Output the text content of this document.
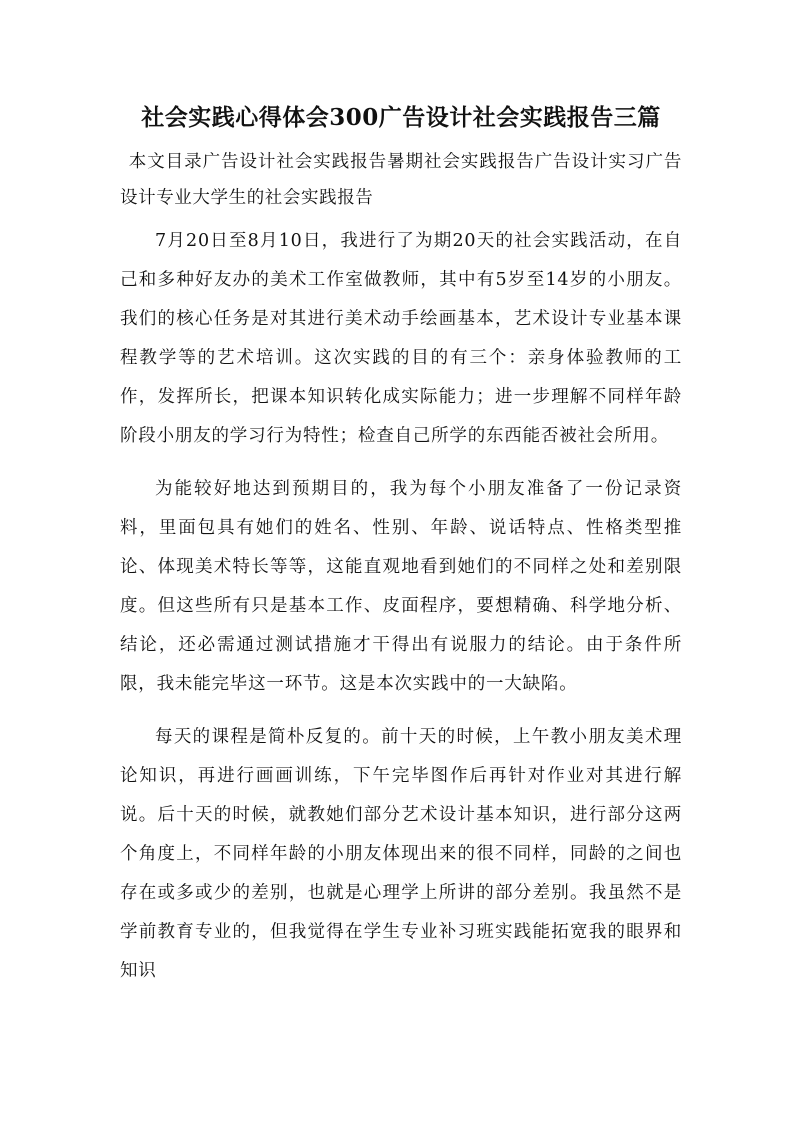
社会实践心得体会300广告设计社会实践报告三篇

本文目录广告设计社会实践报告暑期社会实践报告广告设计实习广告设计专业大学生的社会实践报告

7月20日至8月10日，我进行了为期20天的社会实践活动，在自己和多种好友办的美术工作室做教师，其中有5岁至14岁的小朋友。我们的核心任务是对其进行美术动手绘画基本，艺术设计专业基本课程教学等的艺术培训。这次实践的目的有三个：亲身体验教师的工作，发挥所长，把课本知识转化成实际能力；进一步理解不同样年龄阶段小朋友的学习行为特性；检查自己所学的东西能否被社会所用。

为能较好地达到预期目的，我为每个小朋友准备了一份记录资料，里面包具有她们的姓名、性别、年龄、说话特点、性格类型推论、体现美术特长等等，这能直观地看到她们的不同样之处和差别限度。但这些所有只是基本工作、皮面程序，要想精确、科学地分析、结论，还必需通过测试措施才干得出有说服力的结论。由于条件所限，我未能完毕这一环节。这是本次实践中的一大缺陷。

每天的课程是简朴反复的。前十天的时候，上午教小朋友美术理论知识，再进行画画训练，下午完毕图作后再针对作业对其进行解说。后十天的时候，就教她们部分艺术设计基本知识，进行部分这两个角度上，不同样年龄的小朋友体现出来的很不同样，同龄的之间也存在或多或少的差别，也就是心理学上所讲的部分差别。我虽然不是学前教育专业的，但我觉得在学生专业补习班实践能拓宽我的眼界和知识
